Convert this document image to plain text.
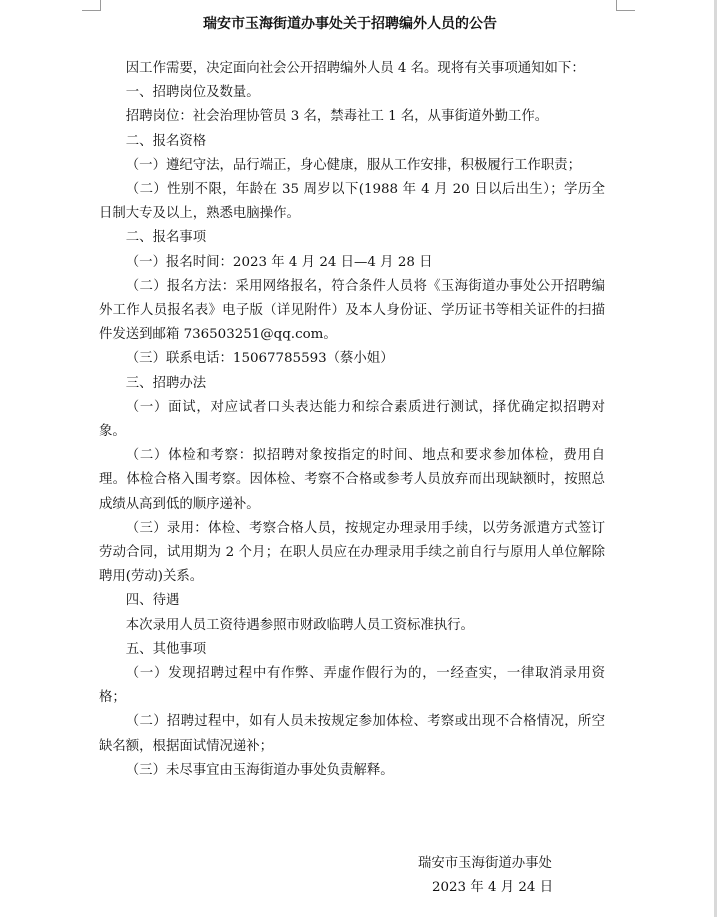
瑞安市玉海街道办事处关于招聘编外人员的公告

因工作需要，决定面向社会公开招聘编外人员 4 名。现将有关事项通知如下：

一、招聘岗位及数量。

招聘岗位：社会治理协管员 3 名，禁毒社工 1 名，从事街道外勤工作。

二、报名资格

（一）遵纪守法，品行端正，身心健康，服从工作安排，积极履行工作职责；

（二）性别不限，年龄在 35 周岁以下(1988 年 4 月 20 日以后出生）；学历全日制大专及以上，熟悉电脑操作。

二、报名事项

（一）报名时间：2023 年 4 月 24 日—4 月 28 日

（二）报名方法：采用网络报名，符合条件人员将《玉海街道办事处公开招聘编外工作人员报名表》电子版（详见附件）及本人身份证、学历证书等相关证件的扫描件发送到邮箱 736503251@qq.com。

（三）联系电话：15067785593（蔡小姐）

三、招聘办法

（一）面试，对应试者口头表达能力和综合素质进行测试，择优确定拟招聘对象。

（二）体检和考察：拟招聘对象按指定的时间、地点和要求参加体检，费用自理。体检合格入围考察。因体检、考察不合格或参考人员放弃而出现缺额时，按照总成绩从高到低的顺序递补。

（三）录用：体检、考察合格人员，按规定办理录用手续，以劳务派遣方式签订劳动合同，试用期为 2 个月；在职人员应在办理录用手续之前自行与原用人单位解除聘用(劳动)关系。

四、待遇

本次录用人员工资待遇参照市财政临聘人员工资标准执行。

五、其他事项

（一）发现招聘过程中有作弊、弄虚作假行为的，一经查实，一律取消录用资格；

（二）招聘过程中，如有人员未按规定参加体检、考察或出现不合格情况，所空缺名额，根据面试情况递补；

（三）未尽事宜由玉海街道办事处负责解释。

瑞安市玉海街道办事处
2023 年 4 月 24 日
